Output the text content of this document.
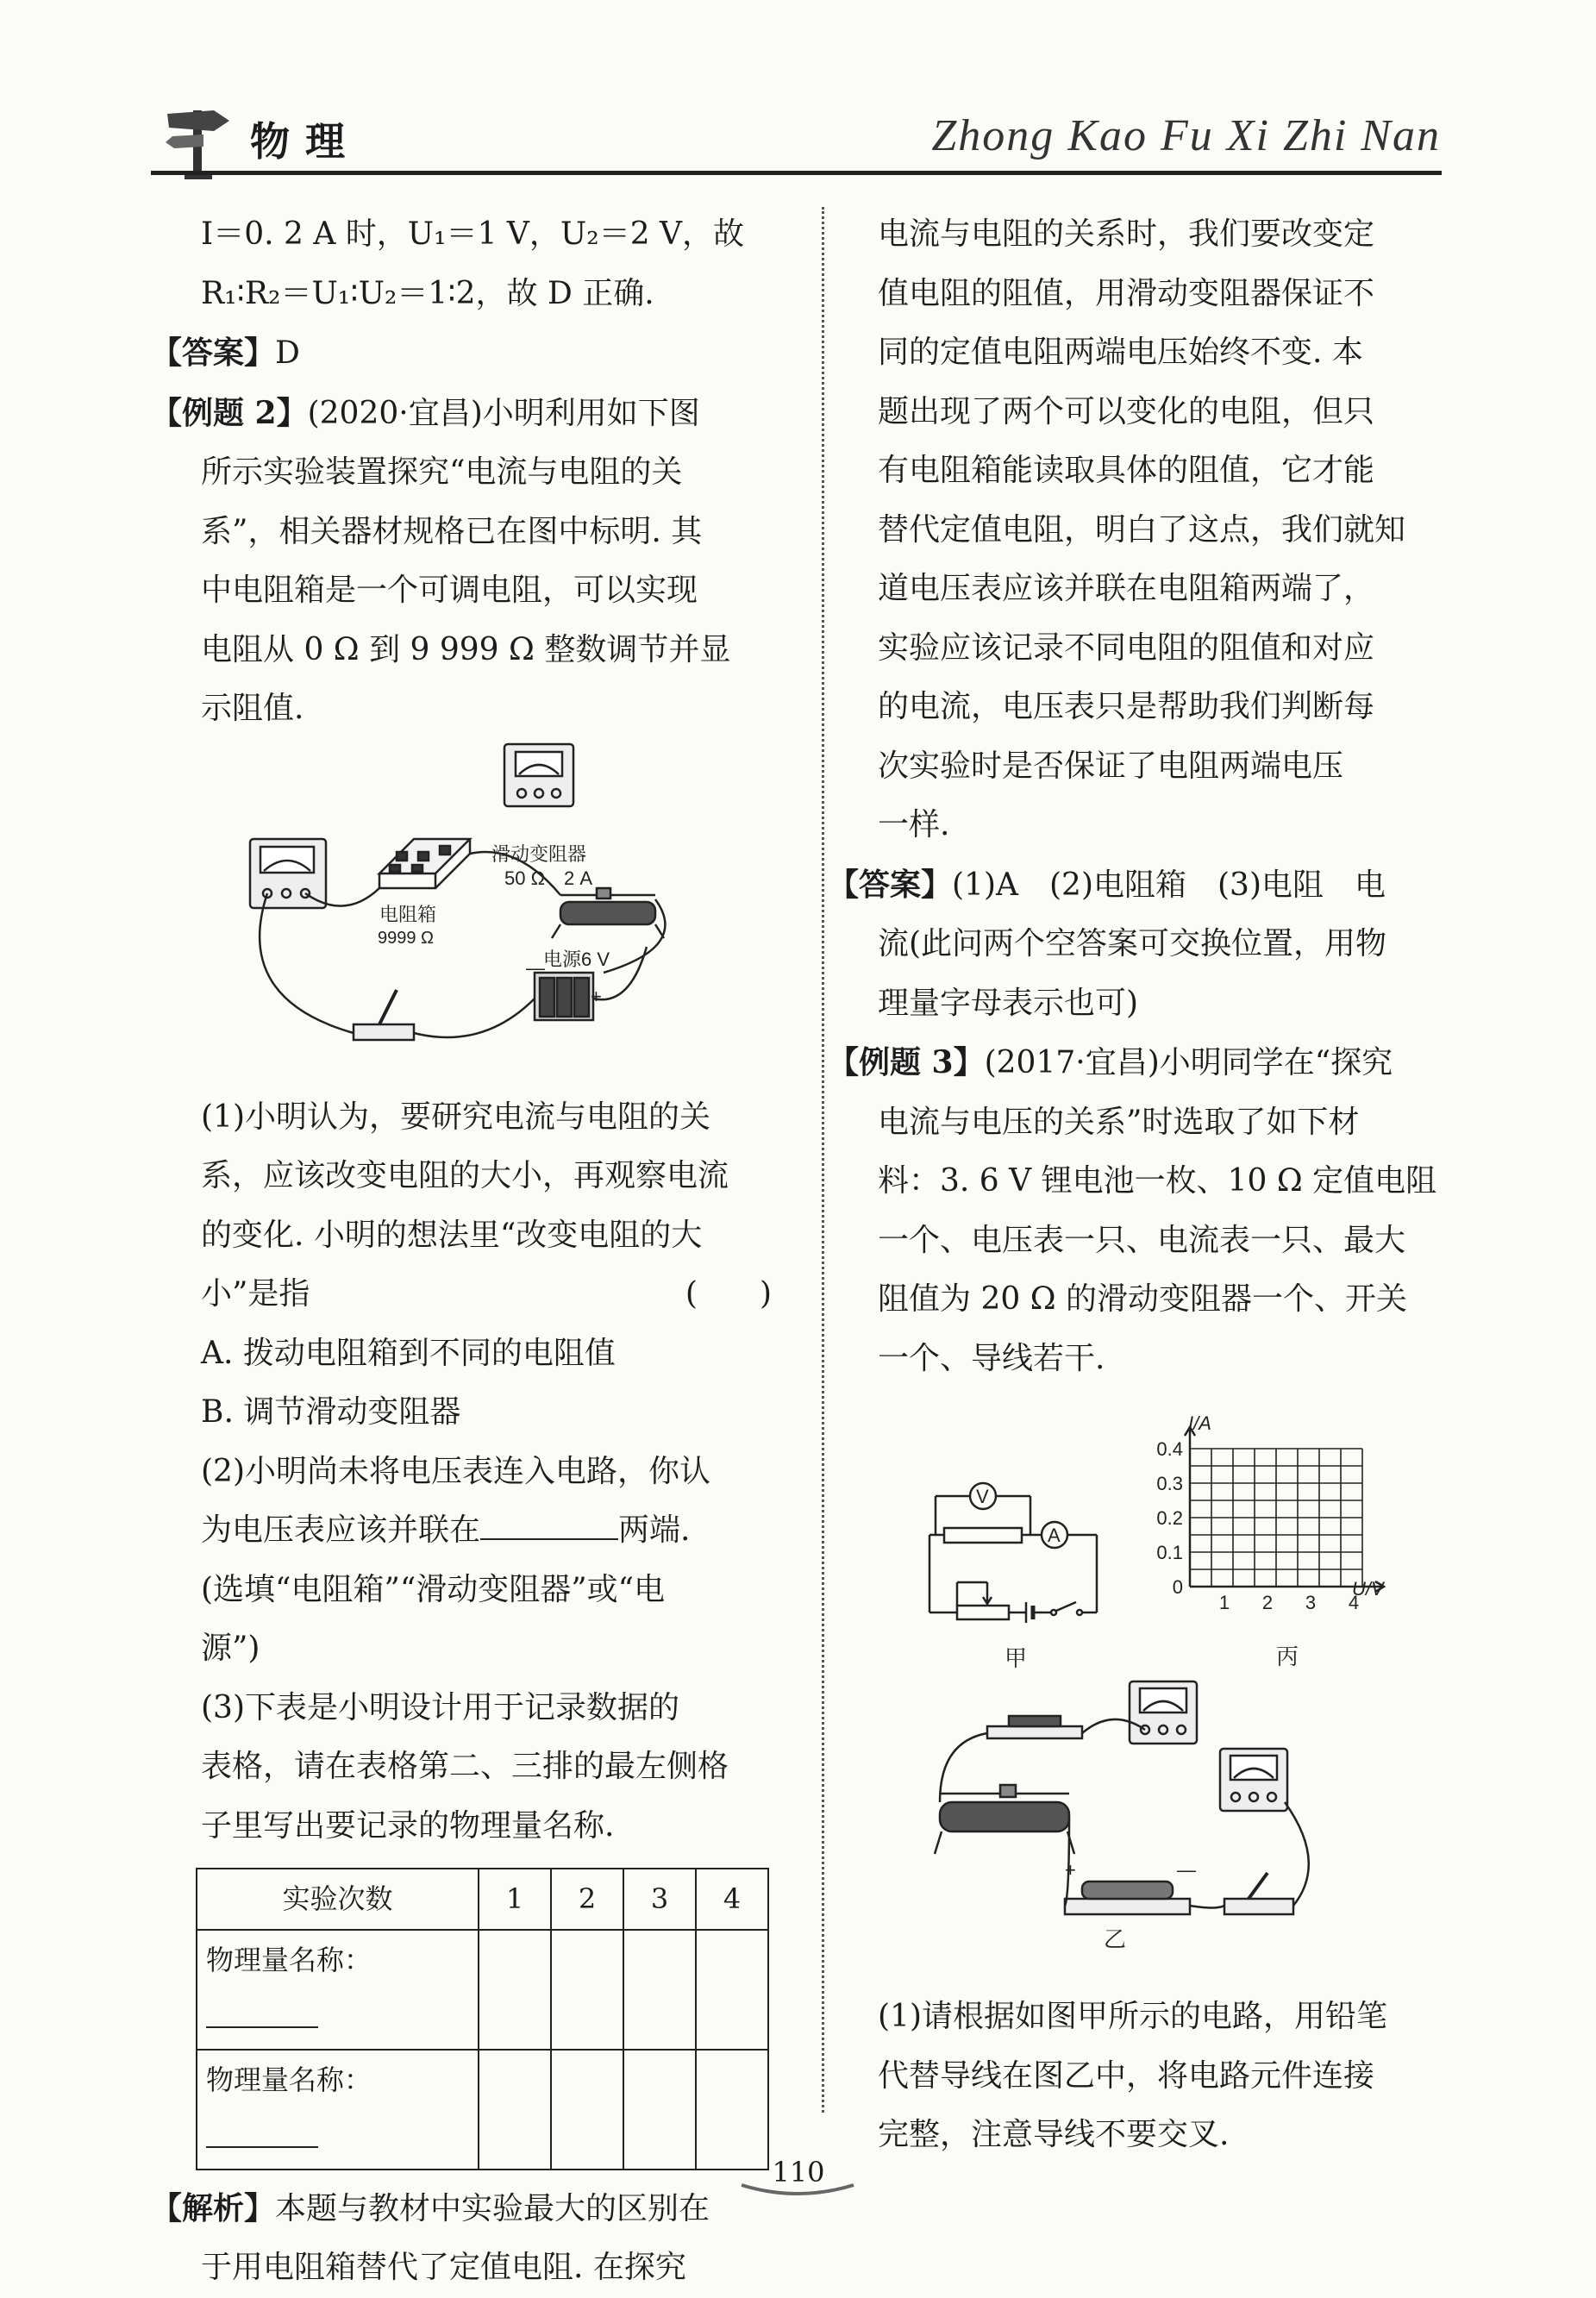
物理	Zhong Kao Fu Xi Zhi Nan

I＝0. 2 A 时，U₁＝1 V，U₂＝2 V，故

R₁∶R₂＝U₁∶U₂＝1∶2，故 D 正确.

【答案】D

【例题 2】(2020·宜昌)小明利用如下图

所示实验装置探究“电流与电阻的关

系”，相关器材规格已在图中标明. 其

中电阻箱是一个可调电阻，可以实现

电阻从 0 Ω 到 9 999 Ω 整数调节并显

示阻值.

(1)小明认为，要研究电流与电阻的关

系，应该改变电阻的大小，再观察电流

的变化. 小明的想法里“改变电阻的大

小”是指	(　　)

A. 拨动电阻箱到不同的电阻值

B. 调节滑动变阻器

(2)小明尚未将电压表连入电路，你认

为电压表应该并联在	两端.

(选填“电阻箱”“滑动变阻器”或“电

源”)

(3)下表是小明设计用于记录数据的

表格，请在表格第二、三排的最左侧格

子里写出要记录的物理量名称.

实验次数	1	2	3	4
物理量名称：				
物理量名称：				

【解析】本题与教材中实验最大的区别在

于用电阻箱替代了定值电阻. 在探究

滑动变阻器
50 Ω　2 A
电阻箱
9999 Ω
—
电源6 V
+

电流与电阻的关系时，我们要改变定

值电阻的阻值，用滑动变阻器保证不

同的定值电阻两端电压始终不变. 本

题出现了两个可以变化的电阻，但只

有电阻箱能读取具体的阻值，它才能

替代定值电阻，明白了这点，我们就知

道电压表应该并联在电阻箱两端了，

实验应该记录不同电阻的阻值和对应

的电流，电压表只是帮助我们判断每

次实验时是否保证了电阻两端电压

一样.

【答案】(1)A　(2)电阻箱　(3)电阻　电

流(此问两个空答案可交换位置，用物

理量字母表示也可)

【例题 3】(2017·宜昌)小明同学在“探究

电流与电压的关系”时选取了如下材

料：3. 6 V 锂电池一枚、10 Ω 定值电阻

一个、电压表一只、电流表一只、最大

阻值为 20 Ω 的滑动变阻器一个、开关

一个、导线若干.

(1)请根据如图甲所示的电路，用铅笔

代替导线在图乙中，将电路元件连接

完整，注意导线不要交叉.

V
A
甲
I/A
U/V
0.4
0.3
0.2
0.1
0
1 2 3 4
丙
+	—
乙
110
